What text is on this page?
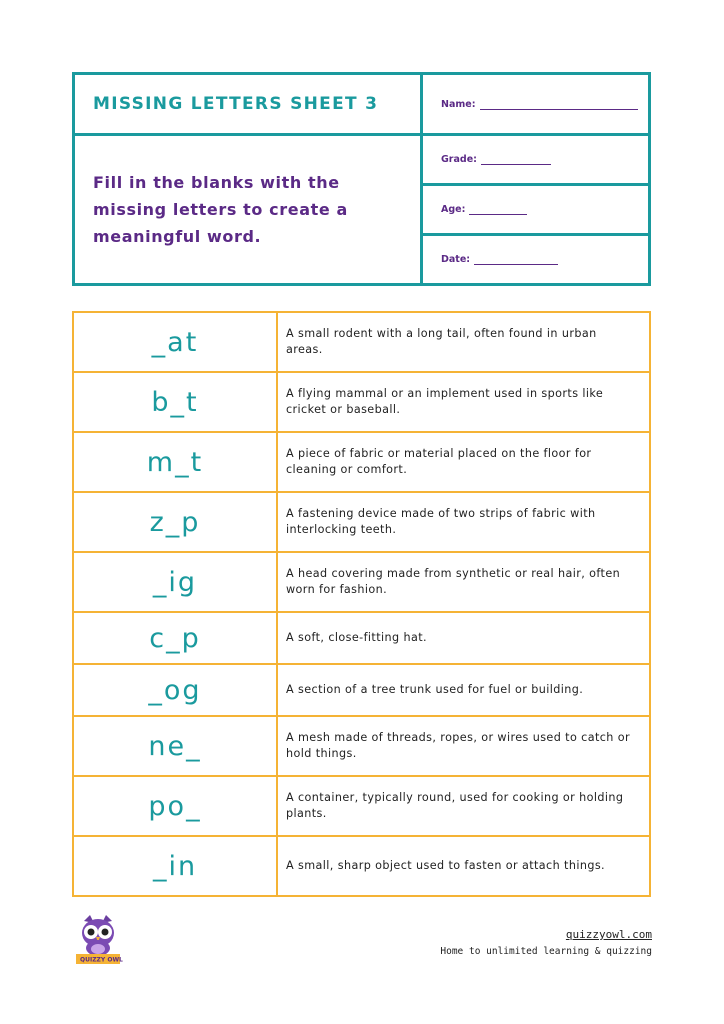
MISSING LETTERS SHEET 3	Name:
Fill in the blanks with the missing letters to create a meaningful word.
Grade:
Age:
Date:
_at	A small rodent with a long tail, often found in urban areas.
b_t	A flying mammal or an implement used in sports like cricket or baseball.
m_t	A piece of fabric or material placed on the floor for cleaning or comfort.
z_p	A fastening device made of two strips of fabric with interlocking teeth.
_ig	A head covering made from synthetic or real hair, often worn for fashion.
c_p	A soft, close-fitting hat.
_og	A section of a tree trunk used for fuel or building.
ne_	A mesh made of threads, ropes, or wires used to catch or hold things.
po_	A container, typically round, used for cooking or holding plants.
_in	A small, sharp object used to fasten or attach things.
QUIZZY OWL
quizzyowl.com
Home to unlimited learning & quizzing
